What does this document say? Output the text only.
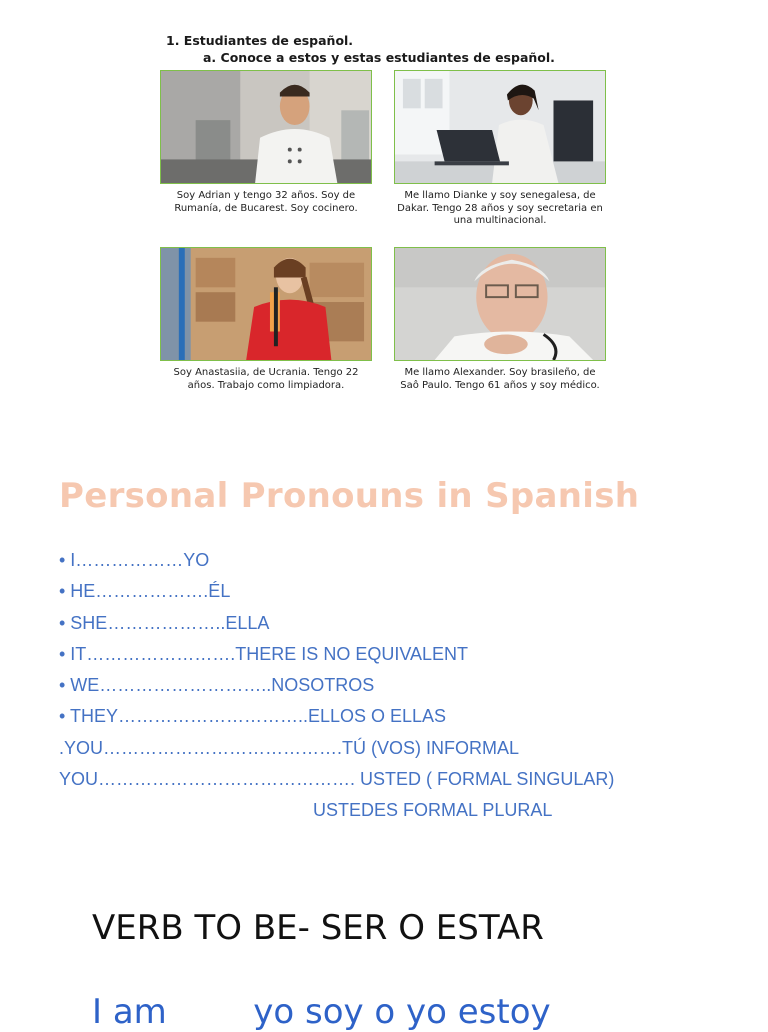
1. Estudiantes de español.
a. Conoce a estos y estas estudiantes de español.
Soy Adrian y tengo 32 años. Soy de Rumanía, de Bucarest. Soy cocinero.
Me llamo Dianke y soy senegalesa, de Dakar. Tengo 28 años y soy secretaria en una multinacional.
Soy Anastasiia, de Ucrania. Tengo 22 años. Trabajo como limpiadora.
Me llamo Alexander. Soy brasileño, de Saô Paulo. Tengo 61 años y soy médico.
Personal Pronouns in Spanish
• I………………YO
• HE……………….ÉL
• SHE………………..ELLA
• IT…………………….THERE IS NO EQUIVALENT
• WE………………………..NOSOTROS
• THEY…………………………..ELLOS O ELLAS
.YOU………………………………….TÚ (VOS) INFORMAL
YOU……………………………………. USTED ( FORMAL SINGULAR)
USTEDES FORMAL PLURAL
VERB TO BE- SER O ESTAR
I am        yo soy o yo estoy
